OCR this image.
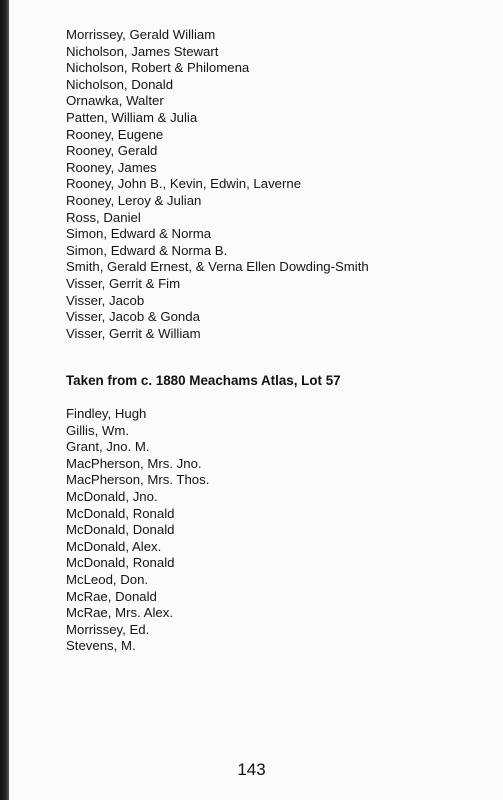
Morrissey, Gerald William
Nicholson, James Stewart
Nicholson, Robert & Philomena
Nicholson, Donald
Ornawka, Walter
Patten, William & Julia
Rooney, Eugene
Rooney, Gerald
Rooney, James
Rooney, John B., Kevin, Edwin, Laverne
Rooney, Leroy & Julian
Ross, Daniel
Simon, Edward & Norma
Simon, Edward & Norma B.
Smith, Gerald Ernest, & Verna Ellen Dowding-Smith
Visser, Gerrit & Fim
Visser, Jacob
Visser, Jacob & Gonda
Visser, Gerrit & William
Taken from c. 1880 Meachams Atlas, Lot 57
Findley, Hugh
Gillis, Wm.
Grant, Jno. M.
MacPherson, Mrs. Jno.
MacPherson, Mrs. Thos.
McDonald, Jno.
McDonald, Ronald
McDonald, Donald
McDonald, Alex.
McDonald, Ronald
McLeod, Don.
McRae, Donald
McRae, Mrs. Alex.
Morrissey, Ed.
Stevens, M.
143
